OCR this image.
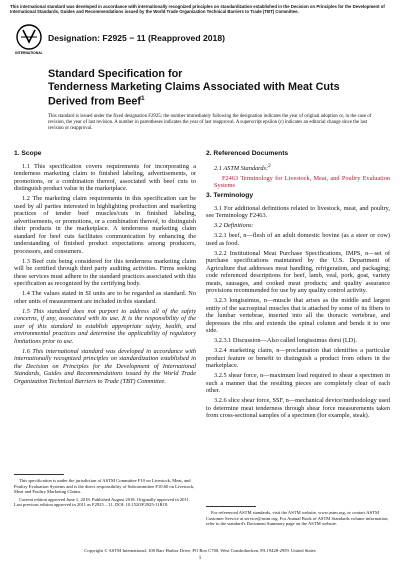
This international standard was developed in accordance with internationally recognized principles on standardization established in the Decision on Principles for the Development of International Standards, Guides and Recommendations issued by the World Trade Organization Technical Barriers to Trade (TBT) Committee.
INTERNATIONAL
Designation: F2925 − 11 (Reapproved 2018)
Standard Specification for
Tenderness Marketing Claims Associated with Meat Cuts
Derived from Beef$^1$
This standard is issued under the fixed designation F2925; the number immediately following the designation indicates the year of original adoption or, in the case of revision, the year of last revision. A number in parentheses indicates the year of last reapproval. A superscript epsilon (ε) indicates an editorial change since the last revision or reapproval.
1. Scope

1.1 This specification covers requirements for incorporating a tenderness marketing claim to finished labeling, advertisements, or promotions, or a combination thereof, associated with beef cuts to distinguish product value in the marketplace.

1.2 The marketing claim requirements in this specification can be used by all parties interested in highlighting production and marketing practices of tender beef muscles/cuts in finished labeling, advertisements, or promotions, or a combination thereof, to distinguish their products in the marketplace. A tenderness marketing claim standard for beef cuts facilitates communication by enhancing the understanding of finished product expectations among producers, processors, and consumers.

1.3 Beef cuts being considered for this tenderness marketing claim will be certified through third party auditing activities. Firms seeking these services must adhere to the standard practices associated with this specification as recognized by the certifying body.

1.4 The values stated in SI units are to be regarded as standard. No other units of measurement are included in this standard.

1.5 This standard does not purport to address all of the safety concerns, if any, associated with its use. It is the responsibility of the user of this standard to establish appropriate safety, health, and environmental practices and determine the applicability of regulatory limitations prior to use.

1.6 This international standard was developed in accordance with internationally recognized principles on standardization established in the Decision on Principles for the Development of International Standards, Guides and Recommendations issued by the World Trade Organization Technical Barriers to Trade (TBT) Committee.

2. Referenced Documents

2.1 ASTM Standards:$^2$

F2463 Terminology for Livestock, Meat, and Poultry Evaluation Systems

3. Terminology

3.1 For additional definitions related to livestock, meat, and poultry, see Terminology F2463.

3.2 Definitions:

3.2.1 beef, n—flesh of an adult domestic bovine (as a steer or cow) used as food.

3.2.2 Institutional Meat Purchase Specifications, IMPS, n—set of purchase specifications maintained by the U.S. Department of Agriculture that addresses meat handling, refrigeration, and packaging; code referenced descriptions for beef, lamb, veal, pork, goat, variety meats, sausages, and cooked meat products; and quality assurance provisions recommended for use by any quality control activity.

3.2.3 longissimus, n—muscle that arises as the middle and largest entity of the sacrospinal muscles that is attached by some of its fibers to the lumbar vertebrae, inserted into all the thoracic vertebrae, and depresses the ribs and extends the spinal column and bends it to one side.

3.2.3.1 Discussion—Also called longissimus dorsi (LD).

3.2.4 marketing claim, n—proclamation that identifies a particular product feature or benefit to distinguish a product from others in the marketplace.

3.2.5 shear force, n—maximum load required to shear a specimen in such a manner that the resulting pieces are completely clear of each other.

3.2.6 slice shear force, SSF, n—mechanical device/methodology used to determine meat tenderness through shear force measurements taken from cross-sectional samples of a specimen (for example, steak).

This specification is under the jurisdiction of ASTM Committee F10 on Livestock, Meat, and Poultry Evaluation Systems and is the direct responsibility of Subcommittee F10.60 on Livestock, Meat and Poultry Marketing Claims.

Current edition approved June 1, 2018. Published August 2018. Originally approved in 2011. Last previous edition approved in 2011 as F2925 – 11. DOI: 10.1520/F2925-11R18.

For referenced ASTM standards, visit the ASTM website, www.astm.org, or contact ASTM Customer Service at service@astm.org. For Annual Book of ASTM Standards volume information, refer to the standard's Document Summary page on the ASTM website.

Copyright © ASTM International, 100 Barr Harbor Drive, PO Box C700, West Conshohocken, PA 19428-2959. United States
1
